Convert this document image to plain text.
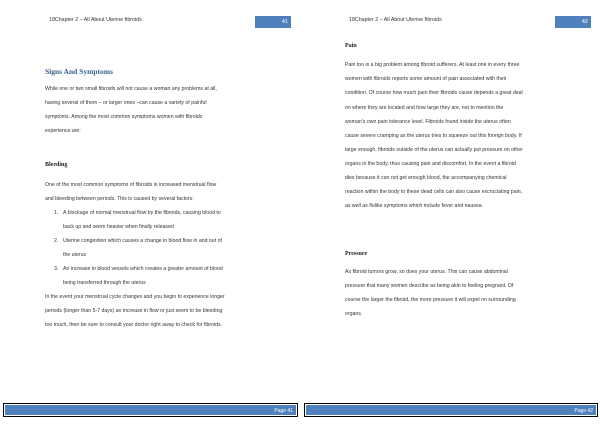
18Chapter 2 – All About Uterine fibroids	41
Signs And Symptoms
While one or two small fibroids will not cause a woman any problems at all,
having several of them – or larger ones –can cause a variety of painful
symptoms. Among the most common symptoms women with fibroids
experience are:
Bleeding
One of the most common symptoms of fibroids is increased menstrual flow
and bleeding between periods. This is caused by several factors:
1. A blockage of normal menstrual flow by the fibroids, causing blood to
back up and seem heavier when finally released
2. Uterine congestion which causes a change in blood flow in and out of
the uterus
3. An increase in blood vessels which creates a greater amount of blood
being transferred through the uterus
In the event your menstrual cycle changes and you begin to experience longer
periods (longer than 5-7 days) an increase in flow or just seem to be bleeding
too much, then be sure to consult your doctor right away to check for fibroids.
Page 41
18Chapter 2 – All About Uterine fibroids	42
Pain
Pain too is a big problem among fibroid sufferers. At least one in every three
women with fibroids reports some amount of pain associated with their
condition. Of course how much pain their fibroids cause depends a great deal
on where they are located and how large they are, not to mention the
woman’s own pain tolerance level. Fibroids found inside the uterus often
cause severe cramping as the uterus tries to squeeze out this foreign body. If
large enough, fibroids outside of the uterus can actually put pressure on other
organs in the body, thus causing pain and discomfort. In the event a fibroid
dies because it can not get enough blood, the accompanying chemical
reaction within the body to these dead cells can also cause excruciating pain,
as well as flulike symptoms which include fever and nausea.
Pressure
As fibroid tumors grow, so does your uterus. This can cause abdominal
pressure that many women describe as being akin to feeling pregnant. Of
course the larger the fibroid, the more pressure it will expel on surrounding
organs.
Page 42
